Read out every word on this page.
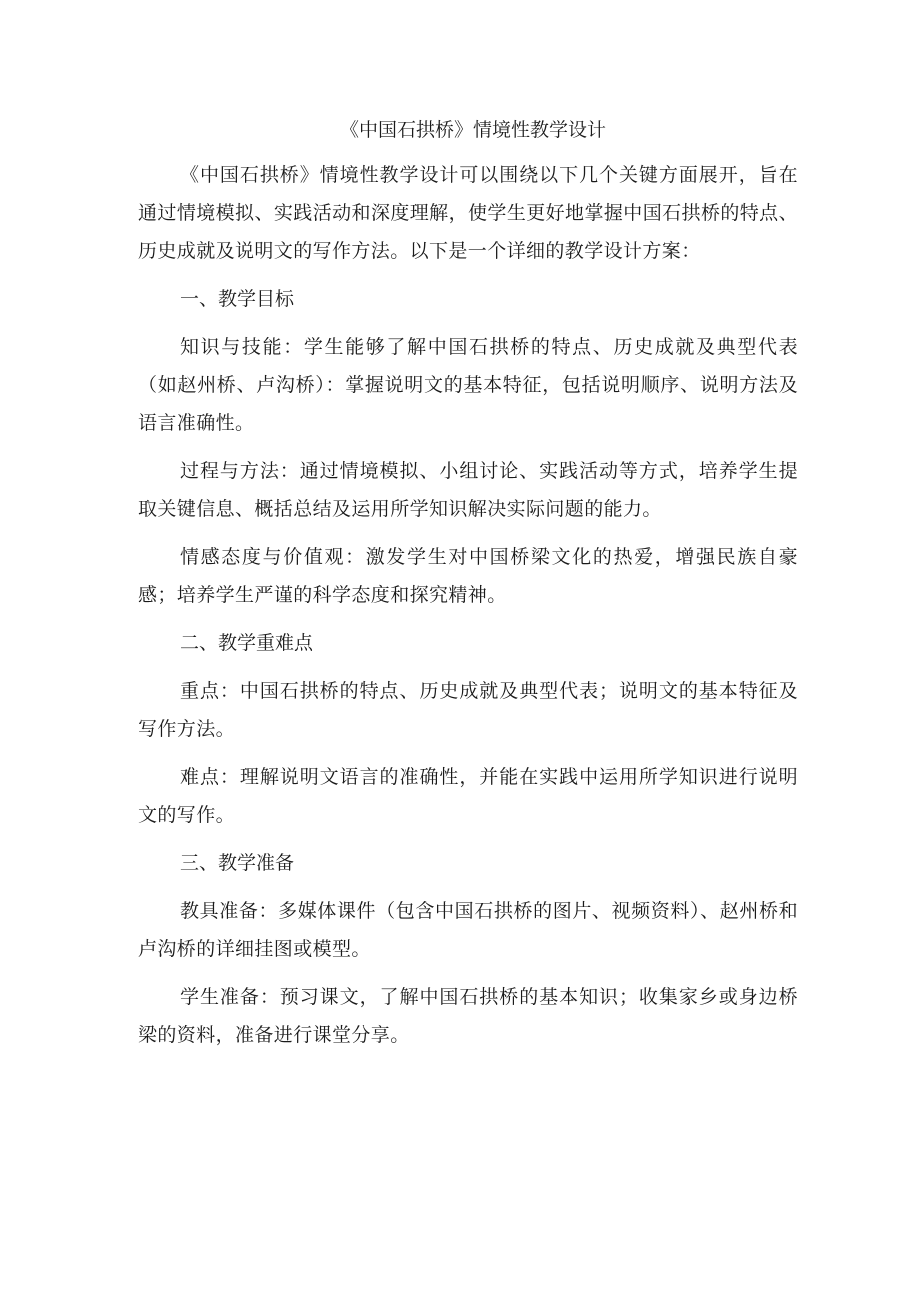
《中国石拱桥》情境性教学设计

《中国石拱桥》情境性教学设计可以围绕以下几个关键方面展开，旨在通过情境模拟、实践活动和深度理解，使学生更好地掌握中国石拱桥的特点、历史成就及说明文的写作方法。以下是一个详细的教学设计方案：

一、教学目标

知识与技能：学生能够了解中国石拱桥的特点、历史成就及典型代表（如赵州桥、卢沟桥）：掌握说明文的基本特征，包括说明顺序、说明方法及语言准确性。

过程与方法：通过情境模拟、小组讨论、实践活动等方式，培养学生提取关键信息、概括总结及运用所学知识解决实际问题的能力。

情感态度与价值观：激发学生对中国桥梁文化的热爱，增强民族自豪感；培养学生严谨的科学态度和探究精神。

二、教学重难点

重点：中国石拱桥的特点、历史成就及典型代表；说明文的基本特征及写作方法。

难点：理解说明文语言的准确性，并能在实践中运用所学知识进行说明文的写作。

三、教学准备

教具准备：多媒体课件（包含中国石拱桥的图片、视频资料）、赵州桥和卢沟桥的详细挂图或模型。

学生准备：预习课文，了解中国石拱桥的基本知识；收集家乡或身边桥梁的资料，准备进行课堂分享。
